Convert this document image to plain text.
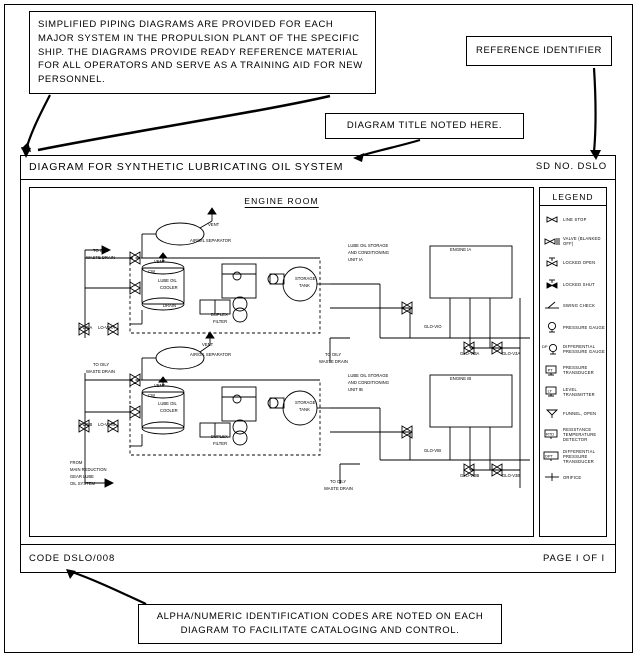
SIMPLIFIED PIPING DIAGRAMS ARE PROVIDED FOR EACH MAJOR SYSTEM IN THE PROPULSION PLANT OF THE SPECIFIC SHIP. THE DIAGRAMS PROVIDE READY REFERENCE MATERIAL FOR ALL OPERATORS AND SERVE AS A TRAINING AID FOR NEW PERSONNEL.
REFERENCE IDENTIFIER
DIAGRAM TITLE NOTED HERE.
ALPHA/NUMERIC IDENTIFICATION CODES ARE NOTED ON EACH DIAGRAM TO FACILITATE CATALOGING AND CONTROL.
DIAGRAM FOR SYNTHETIC LUBRICATING OIL SYSTEM	SD NO. DSLO
ENGINE ROOM
VENT
AIR/OIL SEPARATOR
TO OILY
WASTE DRAIN
LUBE OIL STORAGE
AND CONDITIONING
UNIT IA
ENGINE IA
VENT
CW
LUBE OIL
COOLER
STORAGE
TANK
DRAIN
DUPLEX
FILTER
GLO-VIO
PLOIA LO-V07A
GLO-VI3A	GLO-V3A
VENT
AIR/OIL SEPARATOR
TO OILY
WASTE DRAIN
TO OILY
WASTE DRAIN
LUBE OIL STORAGE
AND CONDITIONING
UNIT IB
ENGINE IB
VENT
CW
LUBE OIL
COOLER
STORAGE
TANK
DUPLEX
FILTER
PLOIB LO-V07B
GLO-VIB
GLO-VI3B	GLO-V3B
FROM
MAIN REDUCTION
GEAR LUBE
OIL SYSTEM	TO OILY
WASTE DRAIN
LEGEND
LINE STOP
VALVE (BLANKED OFF)
LOCKED OPEN
LOCKED SHUT
SWING CHECK
PRESSURE GAUGE
DP	DIFFERENTIAL PRESSURE GAUGE
PT	PRESSURE TRANSDUCER
LT	LEVEL TRANSMITTER
FUNNEL, OPEN
RTD
RESISTANCE TEMPERATURE DETECTOR
DPT
DIFFERENTIAL PRESSURE TRANSDUCER
ORIFICE
CODE DSLO/008	PAGE I OF I
